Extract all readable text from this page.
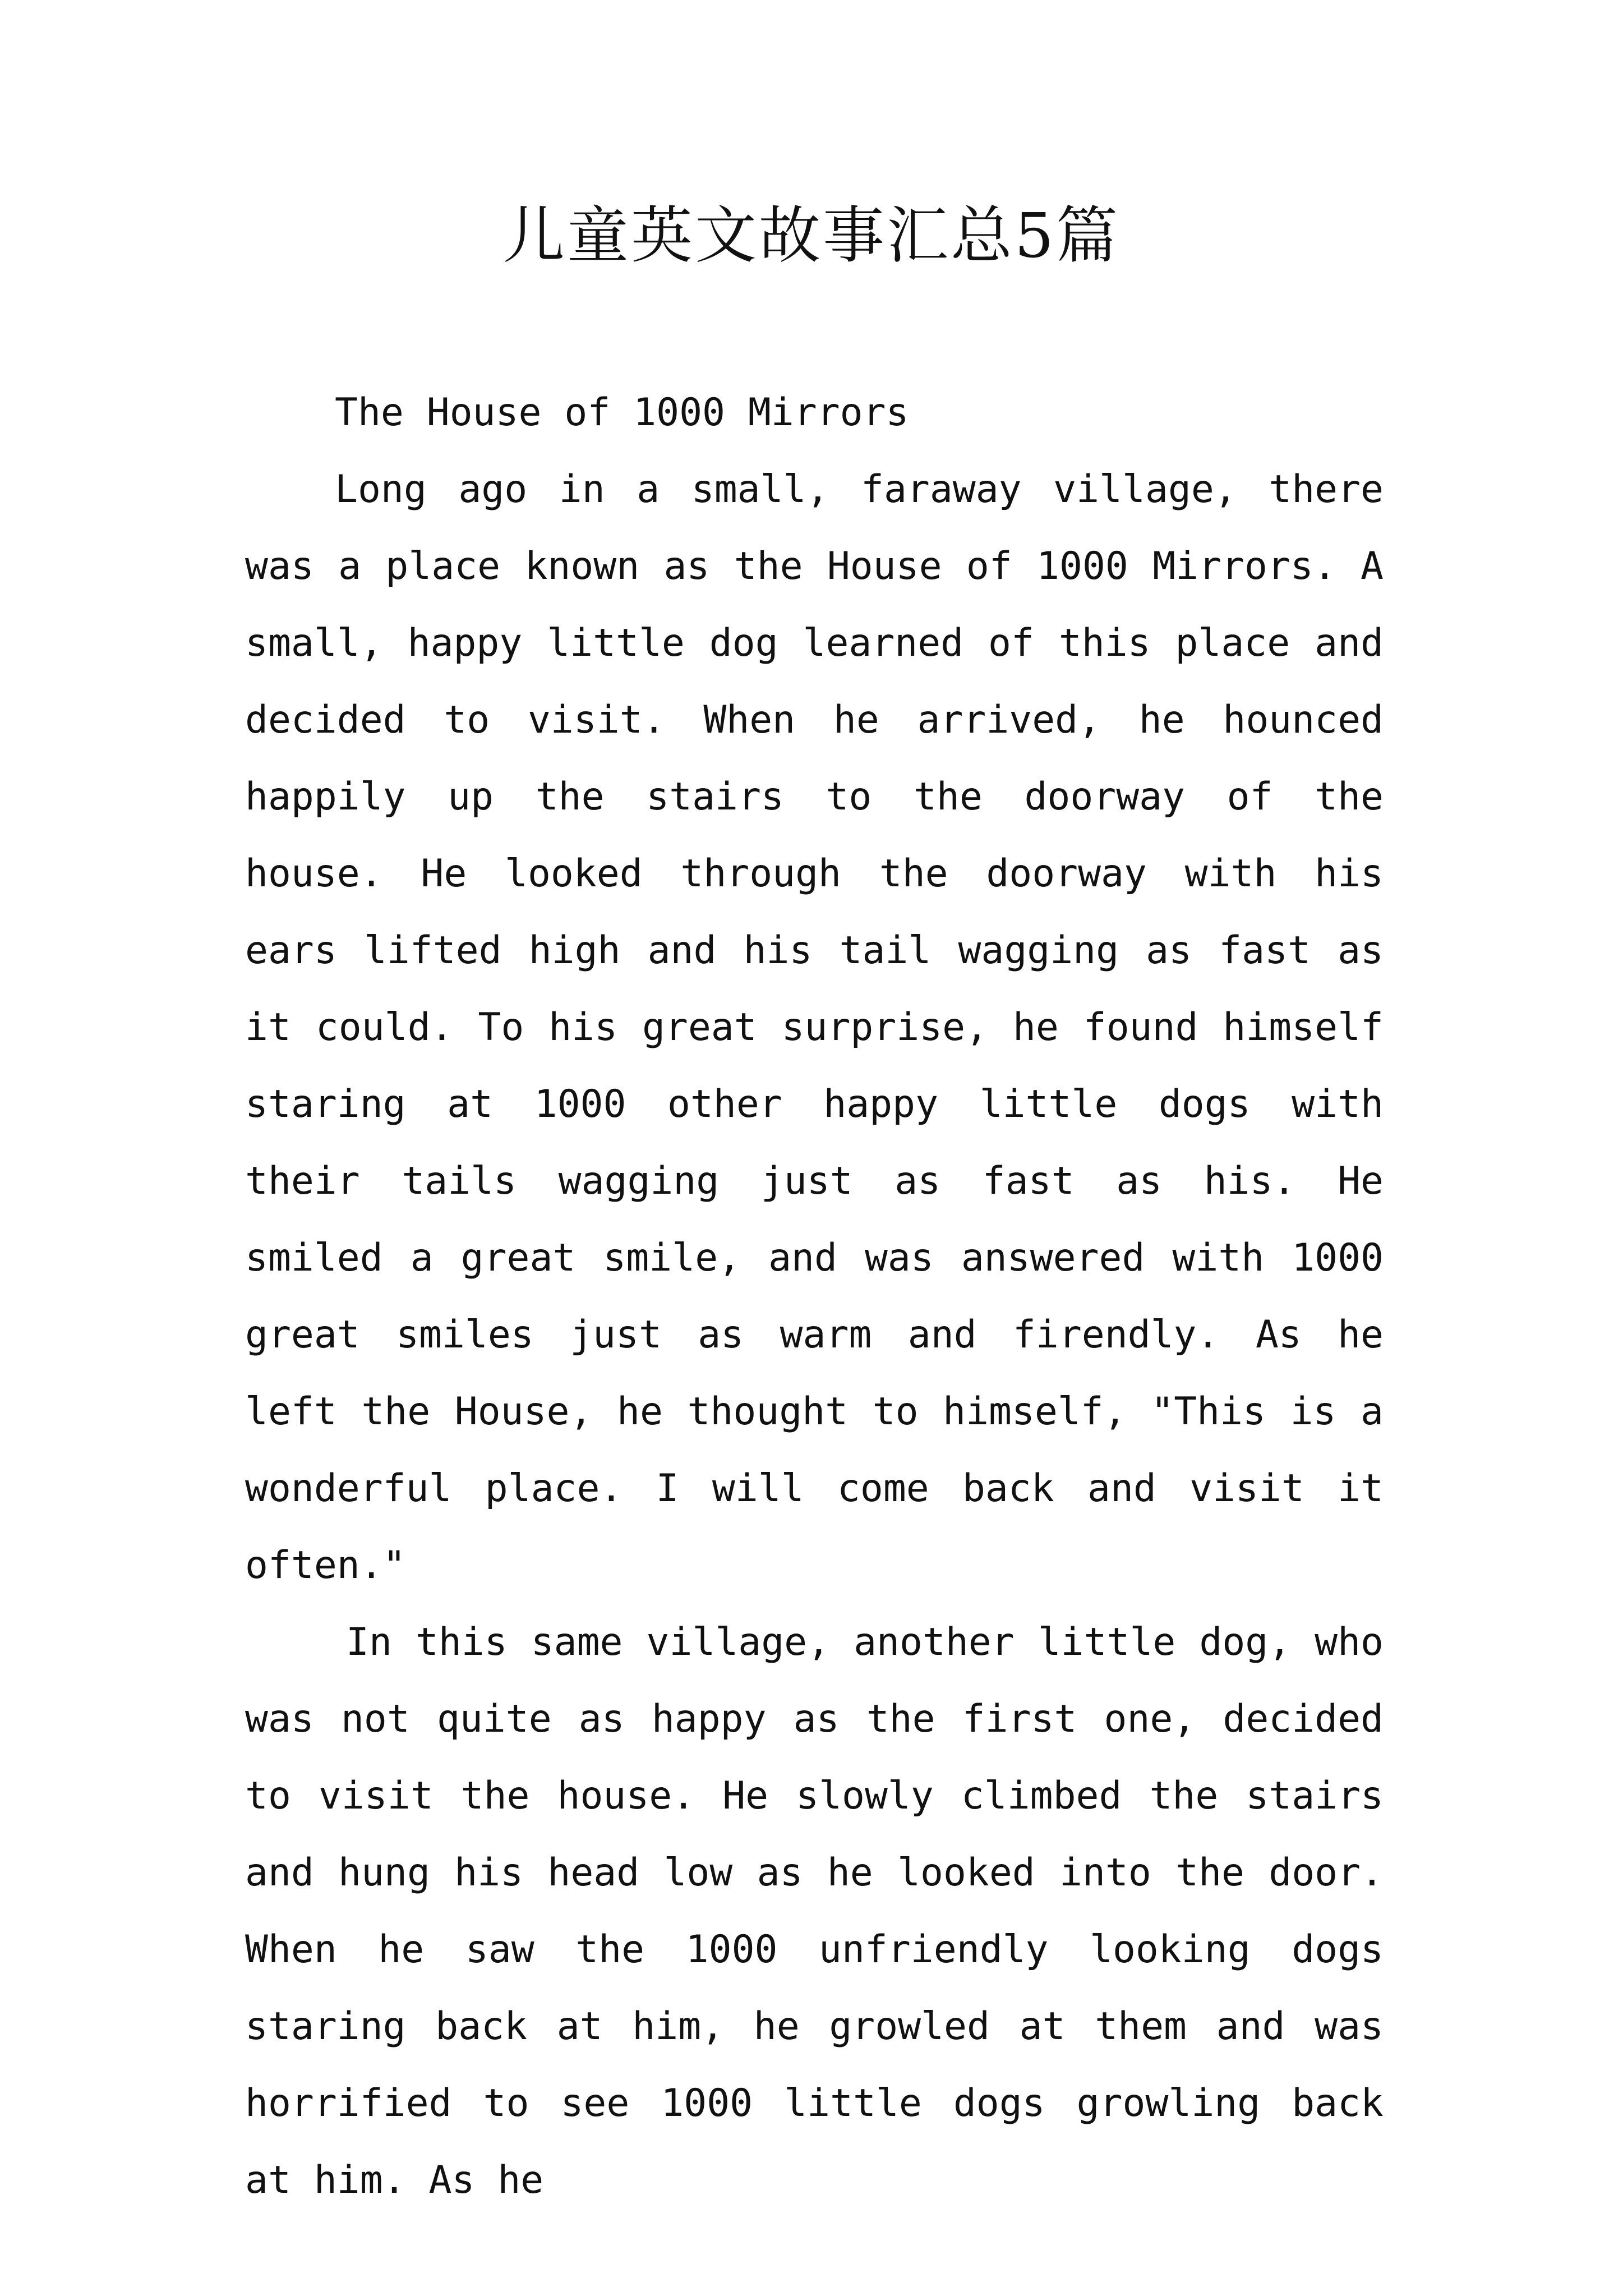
儿童英文故事汇总5篇

The House of 1000 Mirrors

Long ago in a small, faraway village, there was a place known as the House of 1000 Mirrors. A small, happy little dog learned of this place and decided to visit. When he arrived, he hounced happily up the stairs to the doorway of the house. He looked through the doorway with his ears lifted high and his tail wagging as fast as it could. To his great surprise, he found himself staring at 1000 other happy little dogs with their tails wagging just as fast as his. He smiled a great smile, and was answered with 1000 great smiles just as warm and firendly. As he left the House, he thought to himself, "This is a wonderful place. I will come back and visit it often."

In this same village, another little dog, who was not quite as happy as the first one, decided to visit the house. He slowly climbed the stairs and hung his head low as he looked into the door. When he saw the 1000 unfriendly looking dogs staring back at him, he growled at them and was horrified to see 1000 little dogs growling back at him. As he
